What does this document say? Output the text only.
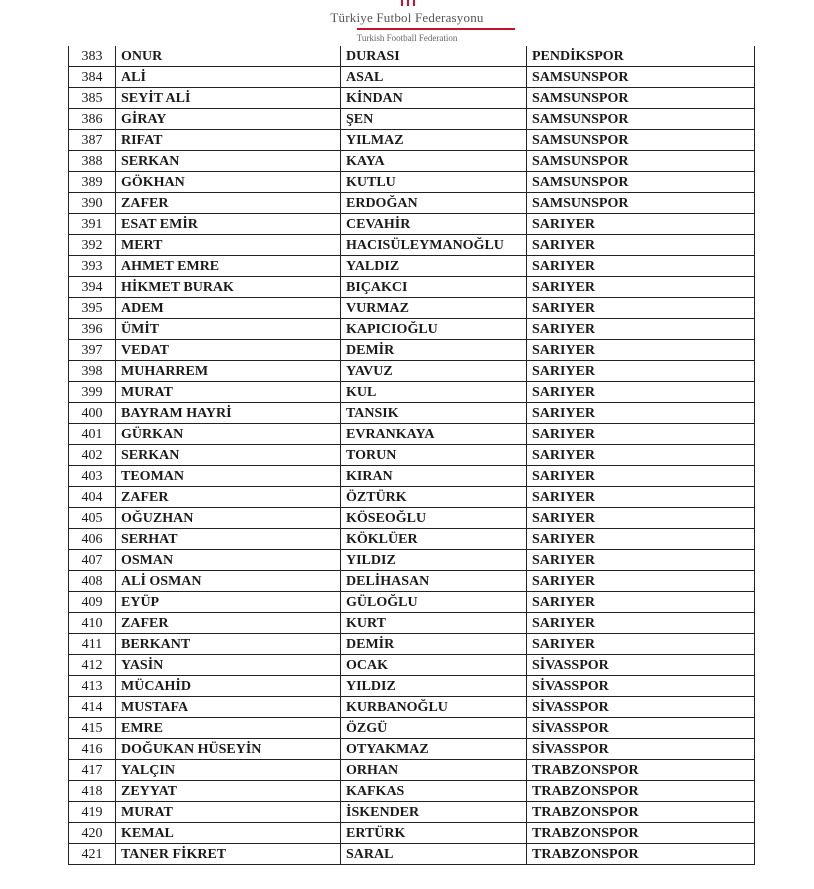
Türkiye Futbol Federasyonu
Turkish Football Federation
383	ONUR	DURASI	PENDİKSPOR
384	ALİ	ASAL	SAMSUNSPOR
385	SEYİT ALİ	KİNDAN	SAMSUNSPOR
386	GİRAY	ŞEN	SAMSUNSPOR
387	RIFAT	YILMAZ	SAMSUNSPOR
388	SERKAN	KAYA	SAMSUNSPOR
389	GÖKHAN	KUTLU	SAMSUNSPOR
390	ZAFER	ERDOĞAN	SAMSUNSPOR
391	ESAT EMİR	CEVAHİR	SARIYER
392	MERT	HACISÜLEYMANOĞLU	SARIYER
393	AHMET EMRE	YALDIZ	SARIYER
394	HİKMET BURAK	BIÇAKCI	SARIYER
395	ADEM	VURMAZ	SARIYER
396	ÜMİT	KAPICIOĞLU	SARIYER
397	VEDAT	DEMİR	SARIYER
398	MUHARREM	YAVUZ	SARIYER
399	MURAT	KUL	SARIYER
400	BAYRAM HAYRİ	TANSIK	SARIYER
401	GÜRKAN	EVRANKAYA	SARIYER
402	SERKAN	TORUN	SARIYER
403	TEOMAN	KIRAN	SARIYER
404	ZAFER	ÖZTÜRK	SARIYER
405	OĞUZHAN	KÖSEOĞLU	SARIYER
406	SERHAT	KÖKLÜER	SARIYER
407	OSMAN	YILDIZ	SARIYER
408	ALİ OSMAN	DELİHASAN	SARIYER
409	EYÜP	GÜLOĞLU	SARIYER
410	ZAFER	KURT	SARIYER
411	BERKANT	DEMİR	SARIYER
412	YASİN	OCAK	SİVASSPOR
413	MÜCAHİD	YILDIZ	SİVASSPOR
414	MUSTAFA	KURBANOĞLU	SİVASSPOR
415	EMRE	ÖZGÜ	SİVASSPOR
416	DOĞUKAN HÜSEYİN	OTYAKMAZ	SİVASSPOR
417	YALÇIN	ORHAN	TRABZONSPOR
418	ZEYYAT	KAFKAS	TRABZONSPOR
419	MURAT	İSKENDER	TRABZONSPOR
420	KEMAL	ERTÜRK	TRABZONSPOR
421	TANER FİKRET	SARAL	TRABZONSPOR
